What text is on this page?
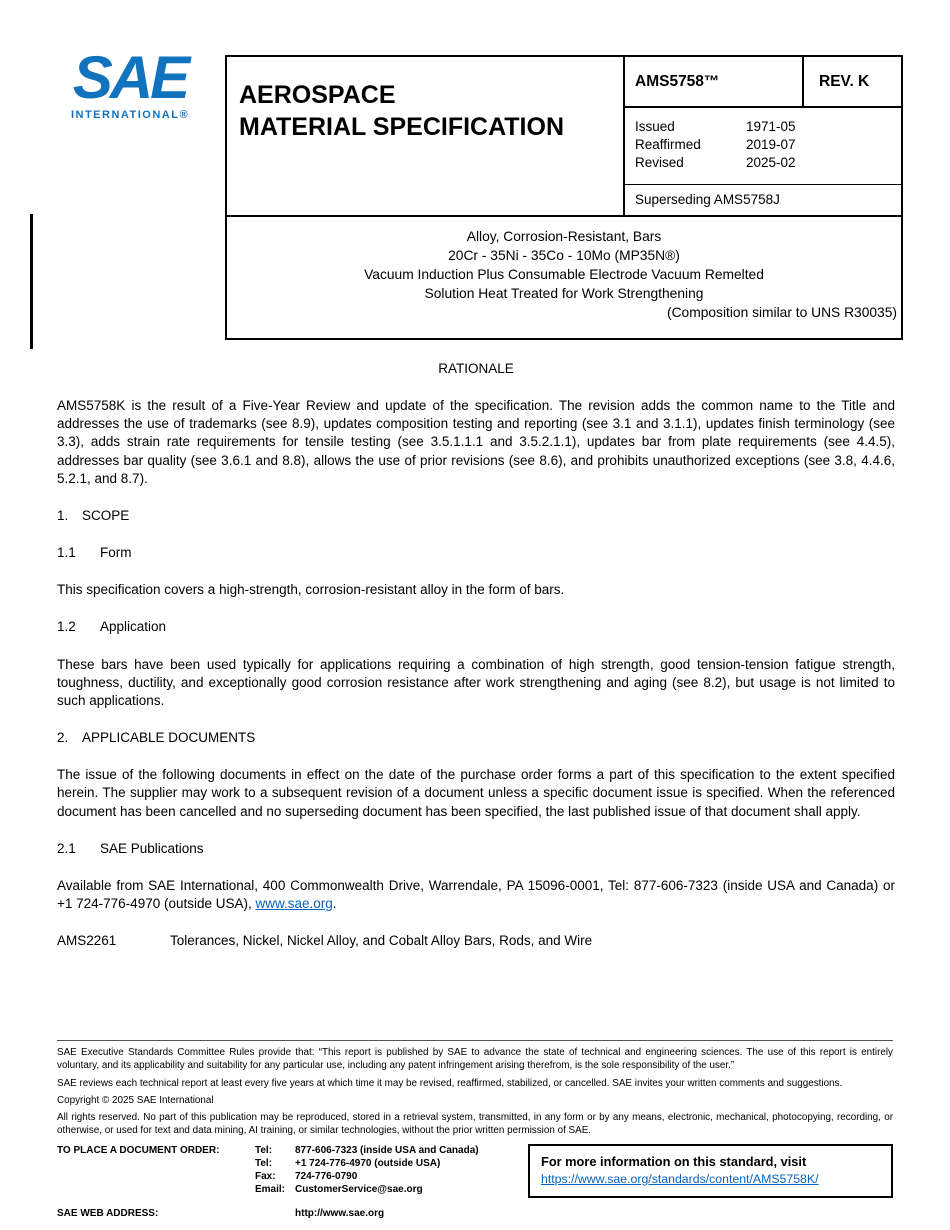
SAE
INTERNATIONAL®
AEROSPACE
MATERIAL SPECIFICATION
AMS5758™	REV. K
Issued	1971-05
Reaffirmed	2019-07
Revised	2025-02
Superseding AMS5758J
Alloy, Corrosion-Resistant, Bars
20Cr - 35Ni - 35Co - 10Mo (MP35N®)
Vacuum Induction Plus Consumable Electrode Vacuum Remelted
Solution Heat Treated for Work Strengthening
(Composition similar to UNS R30035)

RATIONALE

AMS5758K is the result of a Five-Year Review and update of the specification. The revision adds the common name to the Title and addresses the use of trademarks (see 8.9), updates composition testing and reporting (see 3.1 and 3.1.1), updates finish terminology (see 3.3), adds strain rate requirements for tensile testing (see 3.5.1.1.1 and 3.5.2.1.1), updates bar from plate requirements (see 4.4.5), addresses bar quality (see 3.6.1 and 8.8), allows the use of prior revisions (see 8.6), and prohibits unauthorized exceptions (see 3.8, 4.4.6, 5.2.1, and 8.7).

1. SCOPE

1.1 Form

This specification covers a high-strength, corrosion-resistant alloy in the form of bars.

1.2 Application

These bars have been used typically for applications requiring a combination of high strength, good tension-tension fatigue strength, toughness, ductility, and exceptionally good corrosion resistance after work strengthening and aging (see 8.2), but usage is not limited to such applications.

2. APPLICABLE DOCUMENTS

The issue of the following documents in effect on the date of the purchase order forms a part of this specification to the extent specified herein. The supplier may work to a subsequent revision of a document unless a specific document issue is specified. When the referenced document has been cancelled and no superseding document has been specified, the last published issue of that document shall apply.

2.1 SAE Publications

Available from SAE International, 400 Commonwealth Drive, Warrendale, PA 15096-0001, Tel: 877-606-7323 (inside USA and Canada) or +1 724-776-4970 (outside USA), www.sae.org.

AMS2261	Tolerances, Nickel, Nickel Alloy, and Cobalt Alloy Bars, Rods, and Wire

SAE Executive Standards Committee Rules provide that: “This report is published by SAE to advance the state of technical and engineering sciences. The use of this report is entirely voluntary, and its applicability and suitability for any particular use, including any patent infringement arising therefrom, is the sole responsibility of the user.”

SAE reviews each technical report at least every five years at which time it may be revised, reaffirmed, stabilized, or cancelled. SAE invites your written comments and suggestions.

Copyright © 2025 SAE International

All rights reserved. No part of this publication may be reproduced, stored in a retrieval system, transmitted, in any form or by any means, electronic, mechanical, photocopying, recording, or otherwise, or used for text and data mining, AI training, or similar technologies, without the prior written permission of SAE.

TO PLACE A DOCUMENT ORDER:	Tel:	877-606-7323 (inside USA and Canada)
Tel:	+1 724-776-4970 (outside USA)
Fax:	724-776-0790
Email: CustomerService@sae.org
For more information on this standard, visit
https://www.sae.org/standards/content/AMS5758K/
SAE WEB ADDRESS:	http://www.sae.org
